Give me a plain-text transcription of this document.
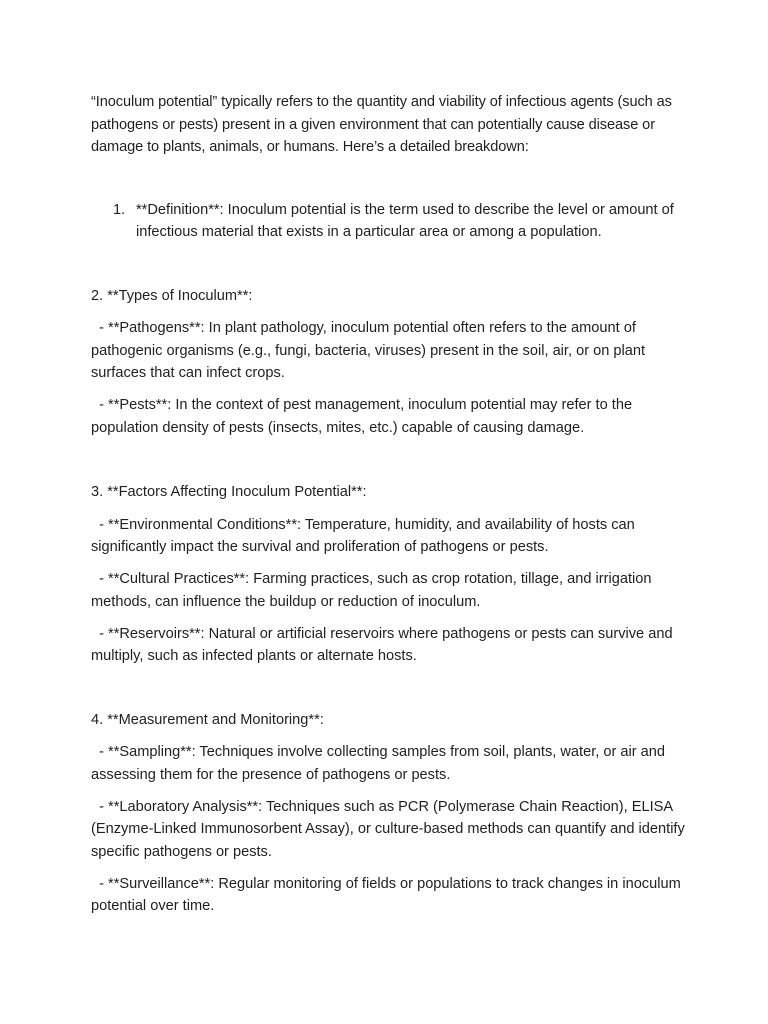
“Inoculum potential” typically refers to the quantity and viability of infectious agents (such as pathogens or pests) present in a given environment that can potentially cause disease or damage to plants, animals, or humans. Here’s a detailed breakdown:

1. **Definition**: Inoculum potential is the term used to describe the level or amount of infectious material that exists in a particular area or among a population.

2. **Types of Inoculum**:

- **Pathogens**: In plant pathology, inoculum potential often refers to the amount of pathogenic organisms (e.g., fungi, bacteria, viruses) present in the soil, air, or on plant surfaces that can infect crops.

- **Pests**: In the context of pest management, inoculum potential may refer to the population density of pests (insects, mites, etc.) capable of causing damage.

3. **Factors Affecting Inoculum Potential**:

- **Environmental Conditions**: Temperature, humidity, and availability of hosts can significantly impact the survival and proliferation of pathogens or pests.

- **Cultural Practices**: Farming practices, such as crop rotation, tillage, and irrigation methods, can influence the buildup or reduction of inoculum.

- **Reservoirs**: Natural or artificial reservoirs where pathogens or pests can survive and multiply, such as infected plants or alternate hosts.

4. **Measurement and Monitoring**:

- **Sampling**: Techniques involve collecting samples from soil, plants, water, or air and assessing them for the presence of pathogens or pests.

- **Laboratory Analysis**: Techniques such as PCR (Polymerase Chain Reaction), ELISA (Enzyme-Linked Immunosorbent Assay), or culture-based methods can quantify and identify specific pathogens or pests.

- **Surveillance**: Regular monitoring of fields or populations to track changes in inoculum potential over time.
